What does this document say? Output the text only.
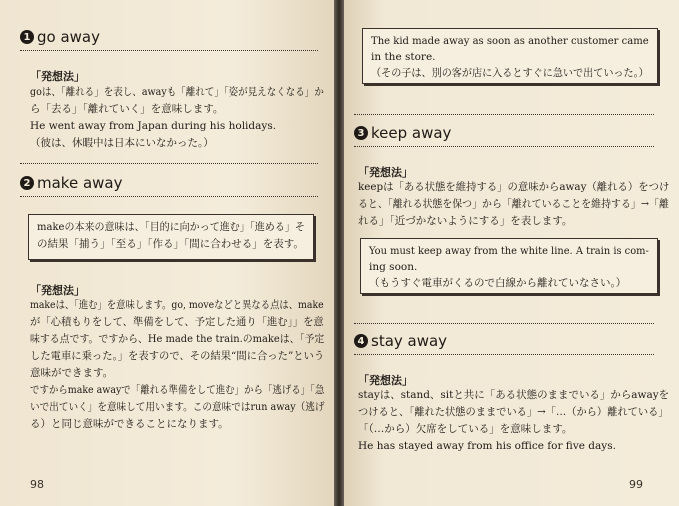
1 go away
「発想法」
goは、「離れる」を表し、awayも「離れて」「姿が見えなくなる」か
ら「去る」「離れていく」を意味します。
He went away from Japan during his holidays.
（彼は、休暇中は日本にいなかった。）
2 make away
makeの本来の意味は、「目的に向かって進む」「進める」そ
の結果「捕う」「至る」「作る」「間に合わせる」を表す。
「発想法」
makeは、「進む」を意味します。go, moveなどと異なる点は、make
が「心積もりをして、準備をして、予定した通り「進む」」を意
味する点です。ですから、He made the train.のmakeは、「予定
した電車に乗った。」を表すので、その結果“間に合った”という
意味ができます。
ですからmake awayで「離れる準備をして進む」から「逃げる」「急
いで出ていく」を意味して用います。この意味ではrun away（逃げ
る）と同じ意味ができることになります。
98
The kid made away as soon as another customer came
in the store.
（その子は、別の客が店に入るとすぐに急いで出ていった。）
3 keep away
「発想法」
keepは「ある状態を維持する」の意味からaway（離れる）をつけ
ると、「離れる状態を保つ」から「離れていることを維持する」→「離
れる」「近づかないようにする」を表します。
You must keep away from the white line. A train is com-
ing soon.
（もうすぐ電車がくるので白線から離れていなさい。）
4 stay away
「発想法」
stayは、stand、sitと共に「ある状態のままでいる」からawayを
つけると、「離れた状態のままでいる」→「…（から）離れている」
「（…から）欠席をしている」を意味します。
He has stayed away from his office for five days.
99
